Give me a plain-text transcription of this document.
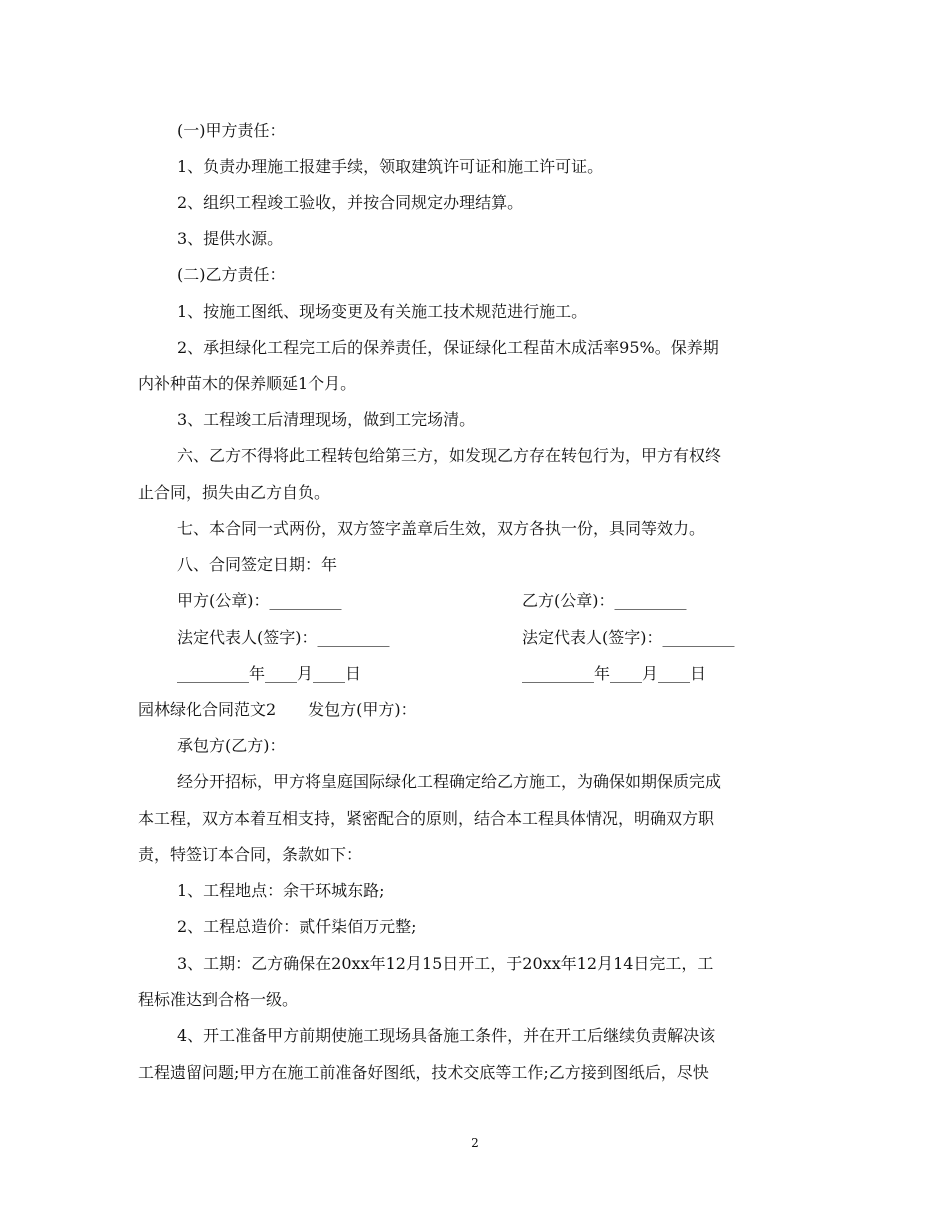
(一)甲方责任：
1、负责办理施工报建手续，领取建筑许可证和施工许可证。
2、组织工程竣工验收，并按合同规定办理结算。
3、提供水源。
(二)乙方责任：
1、按施工图纸、现场变更及有关施工技术规范进行施工。
2、承担绿化工程完工后的保养责任，保证绿化工程苗木成活率95%。保养期
内补种苗木的保养顺延1个月。
3、工程竣工后清理现场，做到工完场清。
六、乙方不得将此工程转包给第三方，如发现乙方存在转包行为，甲方有权终
止合同，损失由乙方自负。
七、本合同一式两份，双方签字盖章后生效，双方各执一份，具同等效力。
八、合同签定日期：年
甲方(公章)：_________	乙方(公章)：_________
法定代表人(签字)：_________	法定代表人(签字)：_________
_________年____月____日	_________年____月____日
园林绿化合同范文2　　发包方(甲方)：
承包方(乙方)：
经分开招标，甲方将皇庭国际绿化工程确定给乙方施工，为确保如期保质完成
本工程，双方本着互相支持，紧密配合的原则，结合本工程具体情况，明确双方职
责，特签订本合同，条款如下：
1、工程地点：余干环城东路;
2、工程总造价：贰仟柒佰万元整;
3、工期：乙方确保在20xx年12月15日开工，于20xx年12月14日完工，工
程标准达到合格一级。
4、开工准备甲方前期使施工现场具备施工条件，并在开工后继续负责解决该
工程遗留问题;甲方在施工前准备好图纸，技术交底等工作;乙方接到图纸后，尽快
2
